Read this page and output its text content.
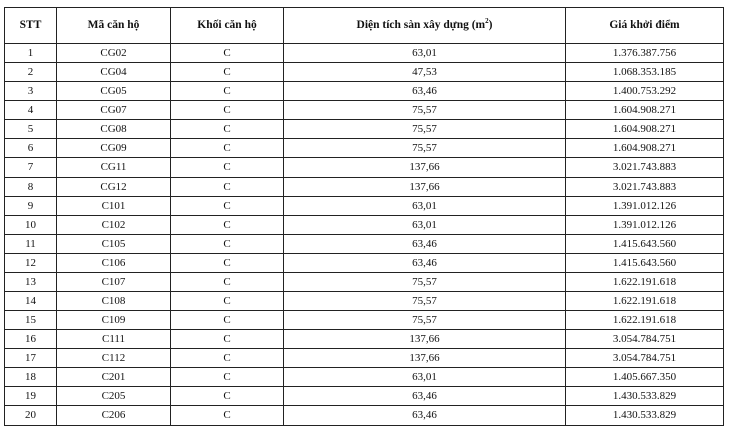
STT	Mã căn hộ	Khối căn hộ	Diện tích sàn xây dựng $(m^2)$	Giá khởi điểm
1	CG02	C	63,01	1.376.387.756
2	CG04	C	47,53	1.068.353.185
3	CG05	C	63,46	1.400.753.292
4	CG07	C	75,57	1.604.908.271
5	CG08	C	75,57	1.604.908.271
6	CG09	C	75,57	1.604.908.271
7	CG11	C	137,66	3.021.743.883
8	CG12	C	137,66	3.021.743.883
9	C101	C	63,01	1.391.012.126
10	C102	C	63,01	1.391.012.126
11	C105	C	63,46	1.415.643.560
12	C106	C	63,46	1.415.643.560
13	C107	C	75,57	1.622.191.618
14	C108	C	75,57	1.622.191.618
15	C109	C	75,57	1.622.191.618
16	C111	C	137,66	3.054.784.751
17	C112	C	137,66	3.054.784.751
18	C201	C	63,01	1.405.667.350
19	C205	C	63,46	1.430.533.829
20	C206	C	63,46	1.430.533.829
